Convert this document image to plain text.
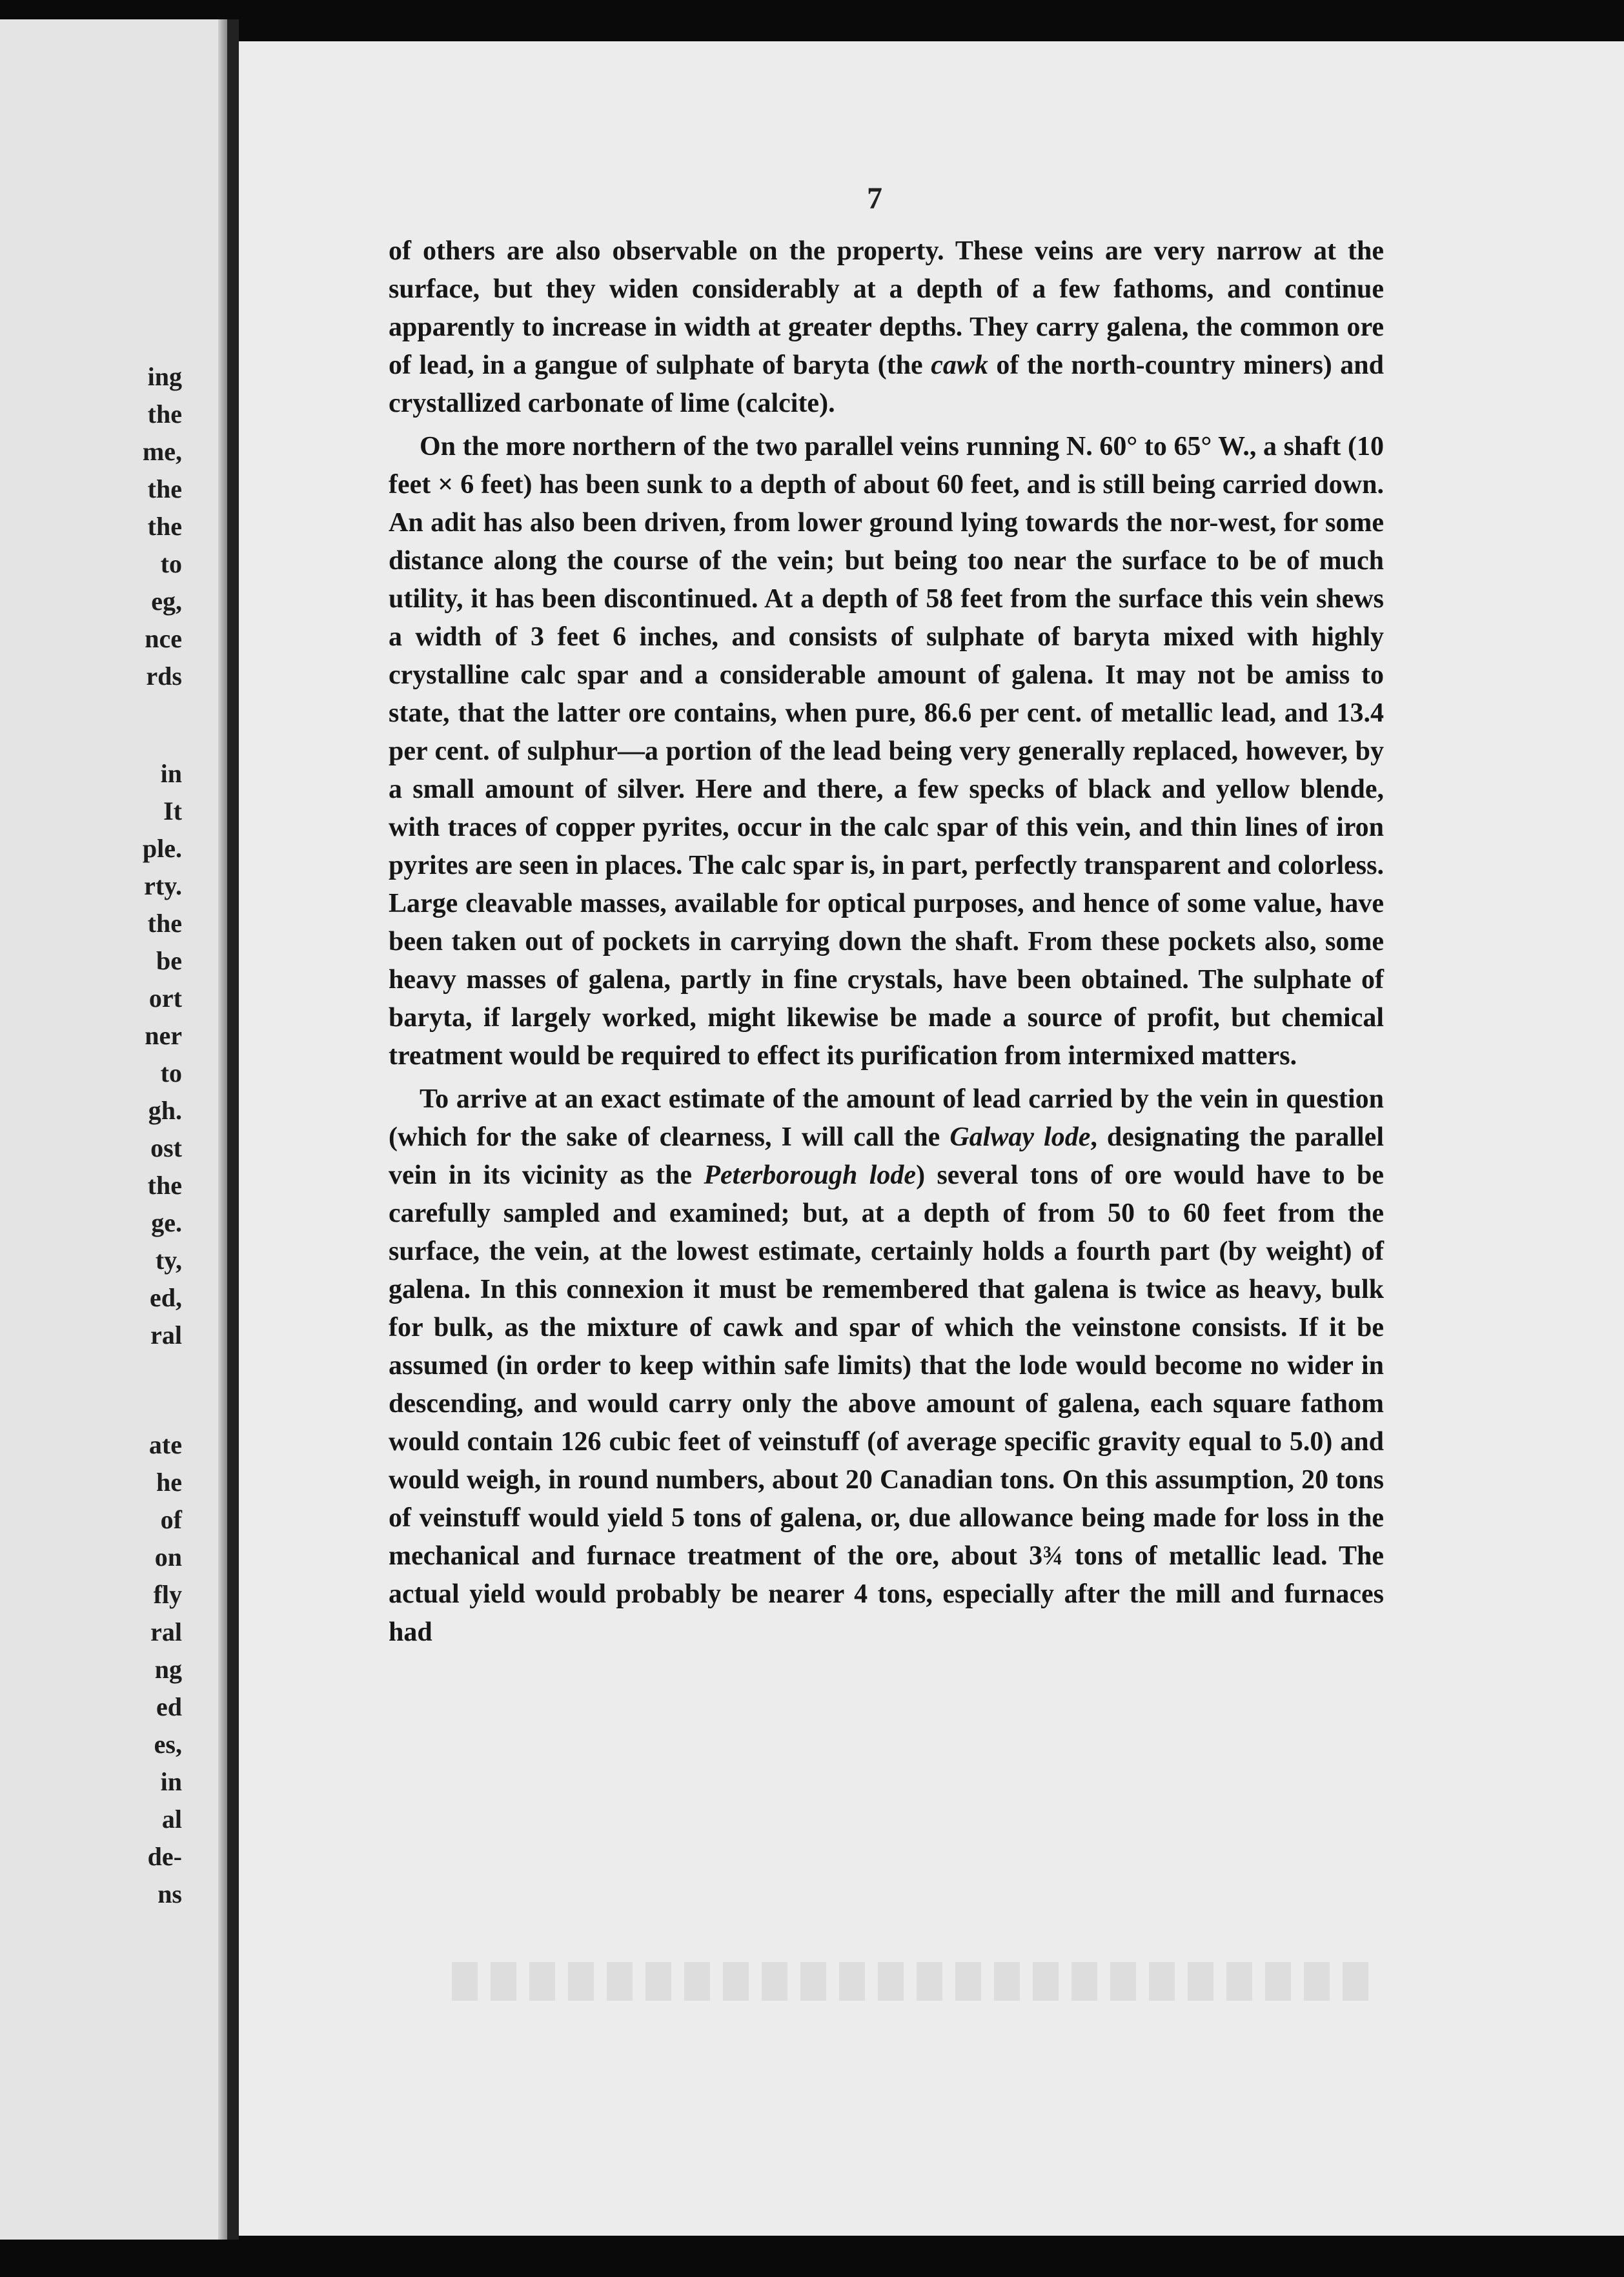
ing
the
me,
the
the
to
eg,
nce
rds
in
It
ple.
rty.
the
be
ort
ner
to
gh.
ost
the
ge.
ty,
ed,
ral
ate
he
of
on
fly
ral
ng
ed
es,
in
al
de-
ns
7

of others are also observable on the property. These veins are very narrow at the surface, but they widen considerably at a depth of a few fathoms, and continue apparently to increase in width at greater depths. They carry galena, the common ore of lead, in a gangue of sulphate of baryta (the cawk of the north-country miners) and crystallized carbonate of lime (calcite).

On the more northern of the two parallel veins running N. 60° to 65° W., a shaft (10 feet × 6 feet) has been sunk to a depth of about 60 feet, and is still being carried down. An adit has also been driven, from lower ground lying towards the nor-west, for some distance along the course of the vein; but being too near the surface to be of much utility, it has been discontinued. At a depth of 58 feet from the surface this vein shews a width of 3 feet 6 inches, and consists of sulphate of baryta mixed with highly crystalline calc spar and a considerable amount of galena. It may not be amiss to state, that the latter ore contains, when pure, 86.6 per cent. of metallic lead, and 13.4 per cent. of sulphur—a portion of the lead being very generally replaced, however, by a small amount of silver. Here and there, a few specks of black and yellow blende, with traces of copper pyrites, occur in the calc spar of this vein, and thin lines of iron pyrites are seen in places. The calc spar is, in part, perfectly transparent and colorless. Large cleavable masses, available for optical purposes, and hence of some value, have been taken out of pockets in carrying down the shaft. From these pockets also, some heavy masses of galena, partly in fine crystals, have been obtained. The sulphate of baryta, if largely worked, might likewise be made a source of profit, but chemical treatment would be required to effect its purification from intermixed matters.

To arrive at an exact estimate of the amount of lead carried by the vein in question (which for the sake of clearness, I will call the Galway lode, designating the parallel vein in its vicinity as the Peterborough lode) several tons of ore would have to be carefully sampled and examined; but, at a depth of from 50 to 60 feet from the surface, the vein, at the lowest estimate, certainly holds a fourth part (by weight) of galena. In this connexion it must be remembered that galena is twice as heavy, bulk for bulk, as the mixture of cawk and spar of which the veinstone consists. If it be assumed (in order to keep within safe limits) that the lode would become no wider in descending, and would carry only the above amount of galena, each square fathom would contain 126 cubic feet of veinstuff (of average specific gravity equal to 5.0) and would weigh, in round numbers, about 20 Canadian tons. On this assumption, 20 tons of veinstuff would yield 5 tons of galena, or, due allowance being made for loss in the mechanical and furnace treatment of the ore, about 3¾ tons of metallic lead. The actual yield would probably be nearer 4 tons, especially after the mill and furnaces had
